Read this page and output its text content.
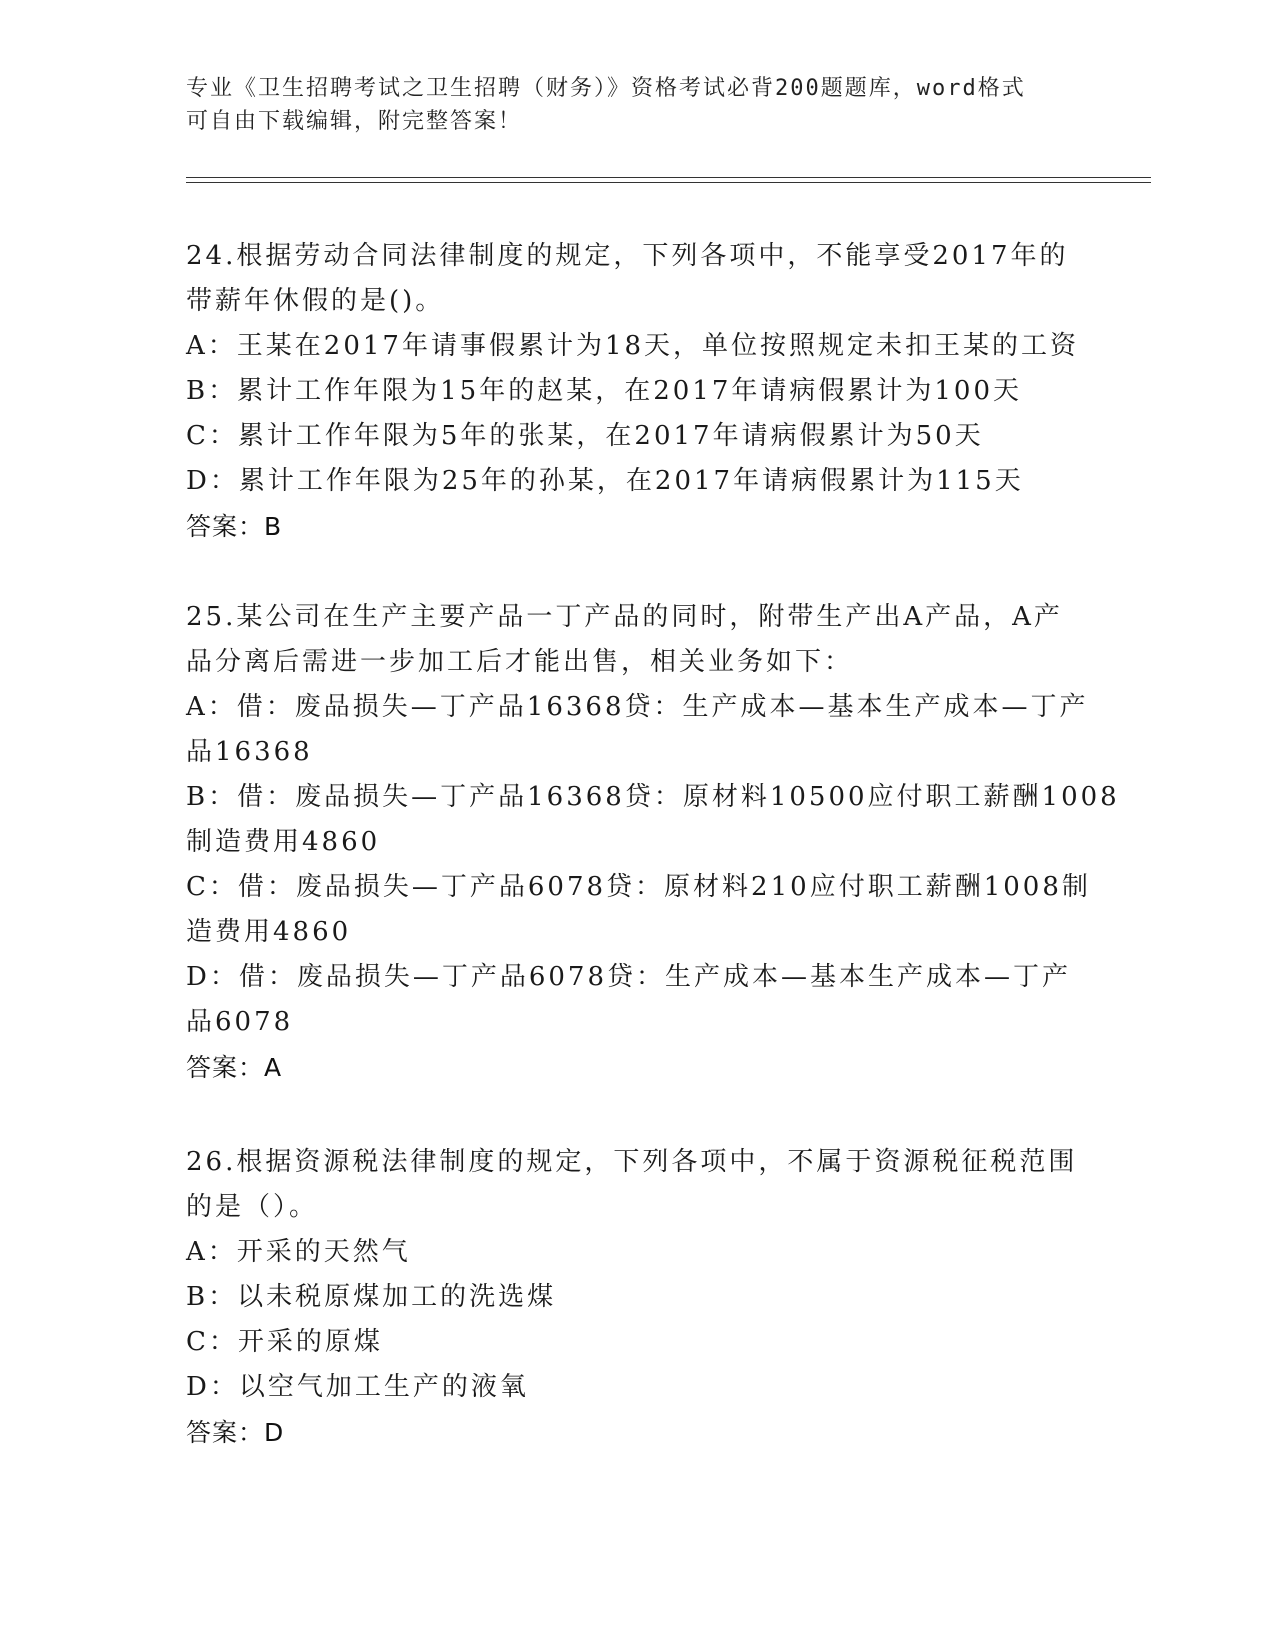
专业《卫生招聘考试之卫生招聘（财务）》资格考试必背200题题库，word格式
可自由下载编辑，附完整答案！
24.根据劳动合同法律制度的规定，下列各项中，不能享受2017年的
带薪年休假的是()。
A：王某在2017年请事假累计为18天，单位按照规定未扣王某的工资
B：累计工作年限为15年的赵某，在2017年请病假累计为100天
C：累计工作年限为5年的张某，在2017年请病假累计为50天
D：累计工作年限为25年的孙某，在2017年请病假累计为115天
答案：B
25.某公司在生产主要产品一丁产品的同时，附带生产出A产品，A产
品分离后需进一步加工后才能出售，相关业务如下：
A：借：废品损失—丁产品16368贷：生产成本—基本生产成本—丁产
品16368
B：借：废品损失—丁产品16368贷：原材料10500应付职工薪酬1008
制造费用4860
C：借：废品损失—丁产品6078贷：原材料210应付职工薪酬1008制
造费用4860
D：借：废品损失—丁产品6078贷：生产成本—基本生产成本—丁产
品6078
答案：A
26.根据资源税法律制度的规定，下列各项中，不属于资源税征税范围
的是（）。
A：开采的天然气
B：以未税原煤加工的洗选煤
C：开采的原煤
D：以空气加工生产的液氧
答案：D
